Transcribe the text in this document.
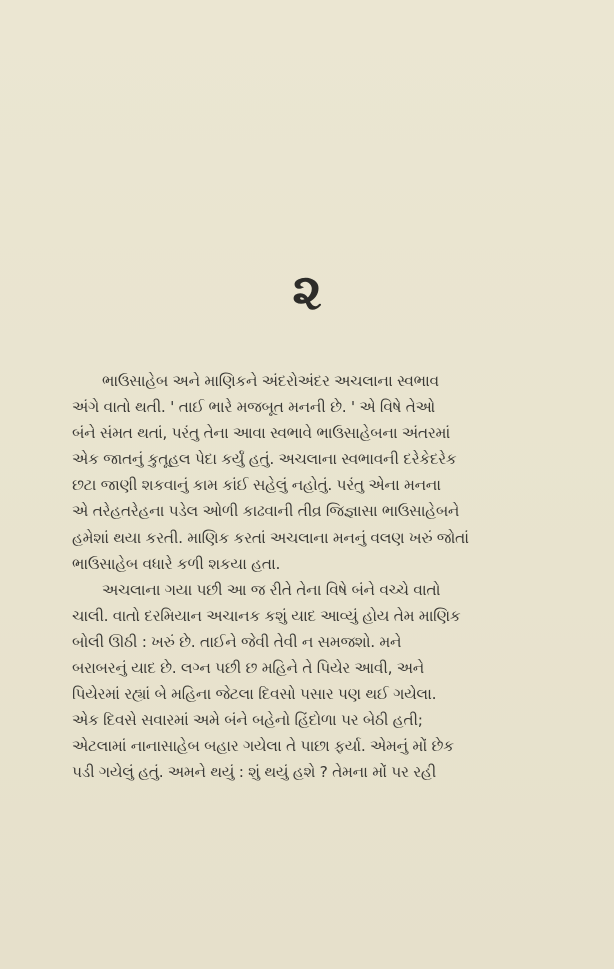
૨
ભાઉસાહેબ અને માણિકને અંદરોઅંદર અચલાના સ્વભાવ
અંગે વાતો થતી. ' તાઈ ભારે મજબૂત મનની છે. ' એ વિષે તેઓ
બંને સંમત થતાં, પરંતુ તેના આવા સ્વભાવે ભાઉસાહેબના અંતરમાં
એક જાતનું કુતૂહલ પેદા કર્યું હતું. અચલાના સ્વભાવની દરેકેદરેક
છટા જાણી શકવાનું કામ કાંઈ સહેલું નહોતું. પરંતુ એના મનના
એ તરેહતરેહના પડેલ ઓળી કાઢવાની તીવ્ર જિજ્ઞાસા ભાઉસાહેબને
હમેશાં થયા કરતી. માણિક કરતાં અચલાના મનનું વલણ ખરું જોતાં
ભાઉસાહેબ વધારે કળી શકયા હતા.
અચલાના ગયા પછી આ જ રીતે તેના વિષે બંને વચ્ચે વાતો
ચાલી. વાતો દરમિયાન અચાનક કશું યાદ આવ્યું હોય તેમ માણિક
બોલી ઊઠી : ખરું છે. તાઈને જેવી તેવી ન સમજશો. મને
બરાબરનું યાદ છે. લગ્ન પછી છ મહિને તે પિયેર આવી, અને
પિયેરમાં રહ્યાં બે મહિના જેટલા દિવસો પસાર પણ થઈ ગયેલા.
એક દિવસે સવારમાં અમે બંને બહેનો હિંદોળા પર બેઠી હતી;
એટલામાં નાનાસાહેબ બહાર ગયેલા તે પાછા ફર્યા. એમનું મોં છેક
પડી ગયેલું હતું. અમને થયું : શું થયું હશે ? તેમના મોં પર રહી
